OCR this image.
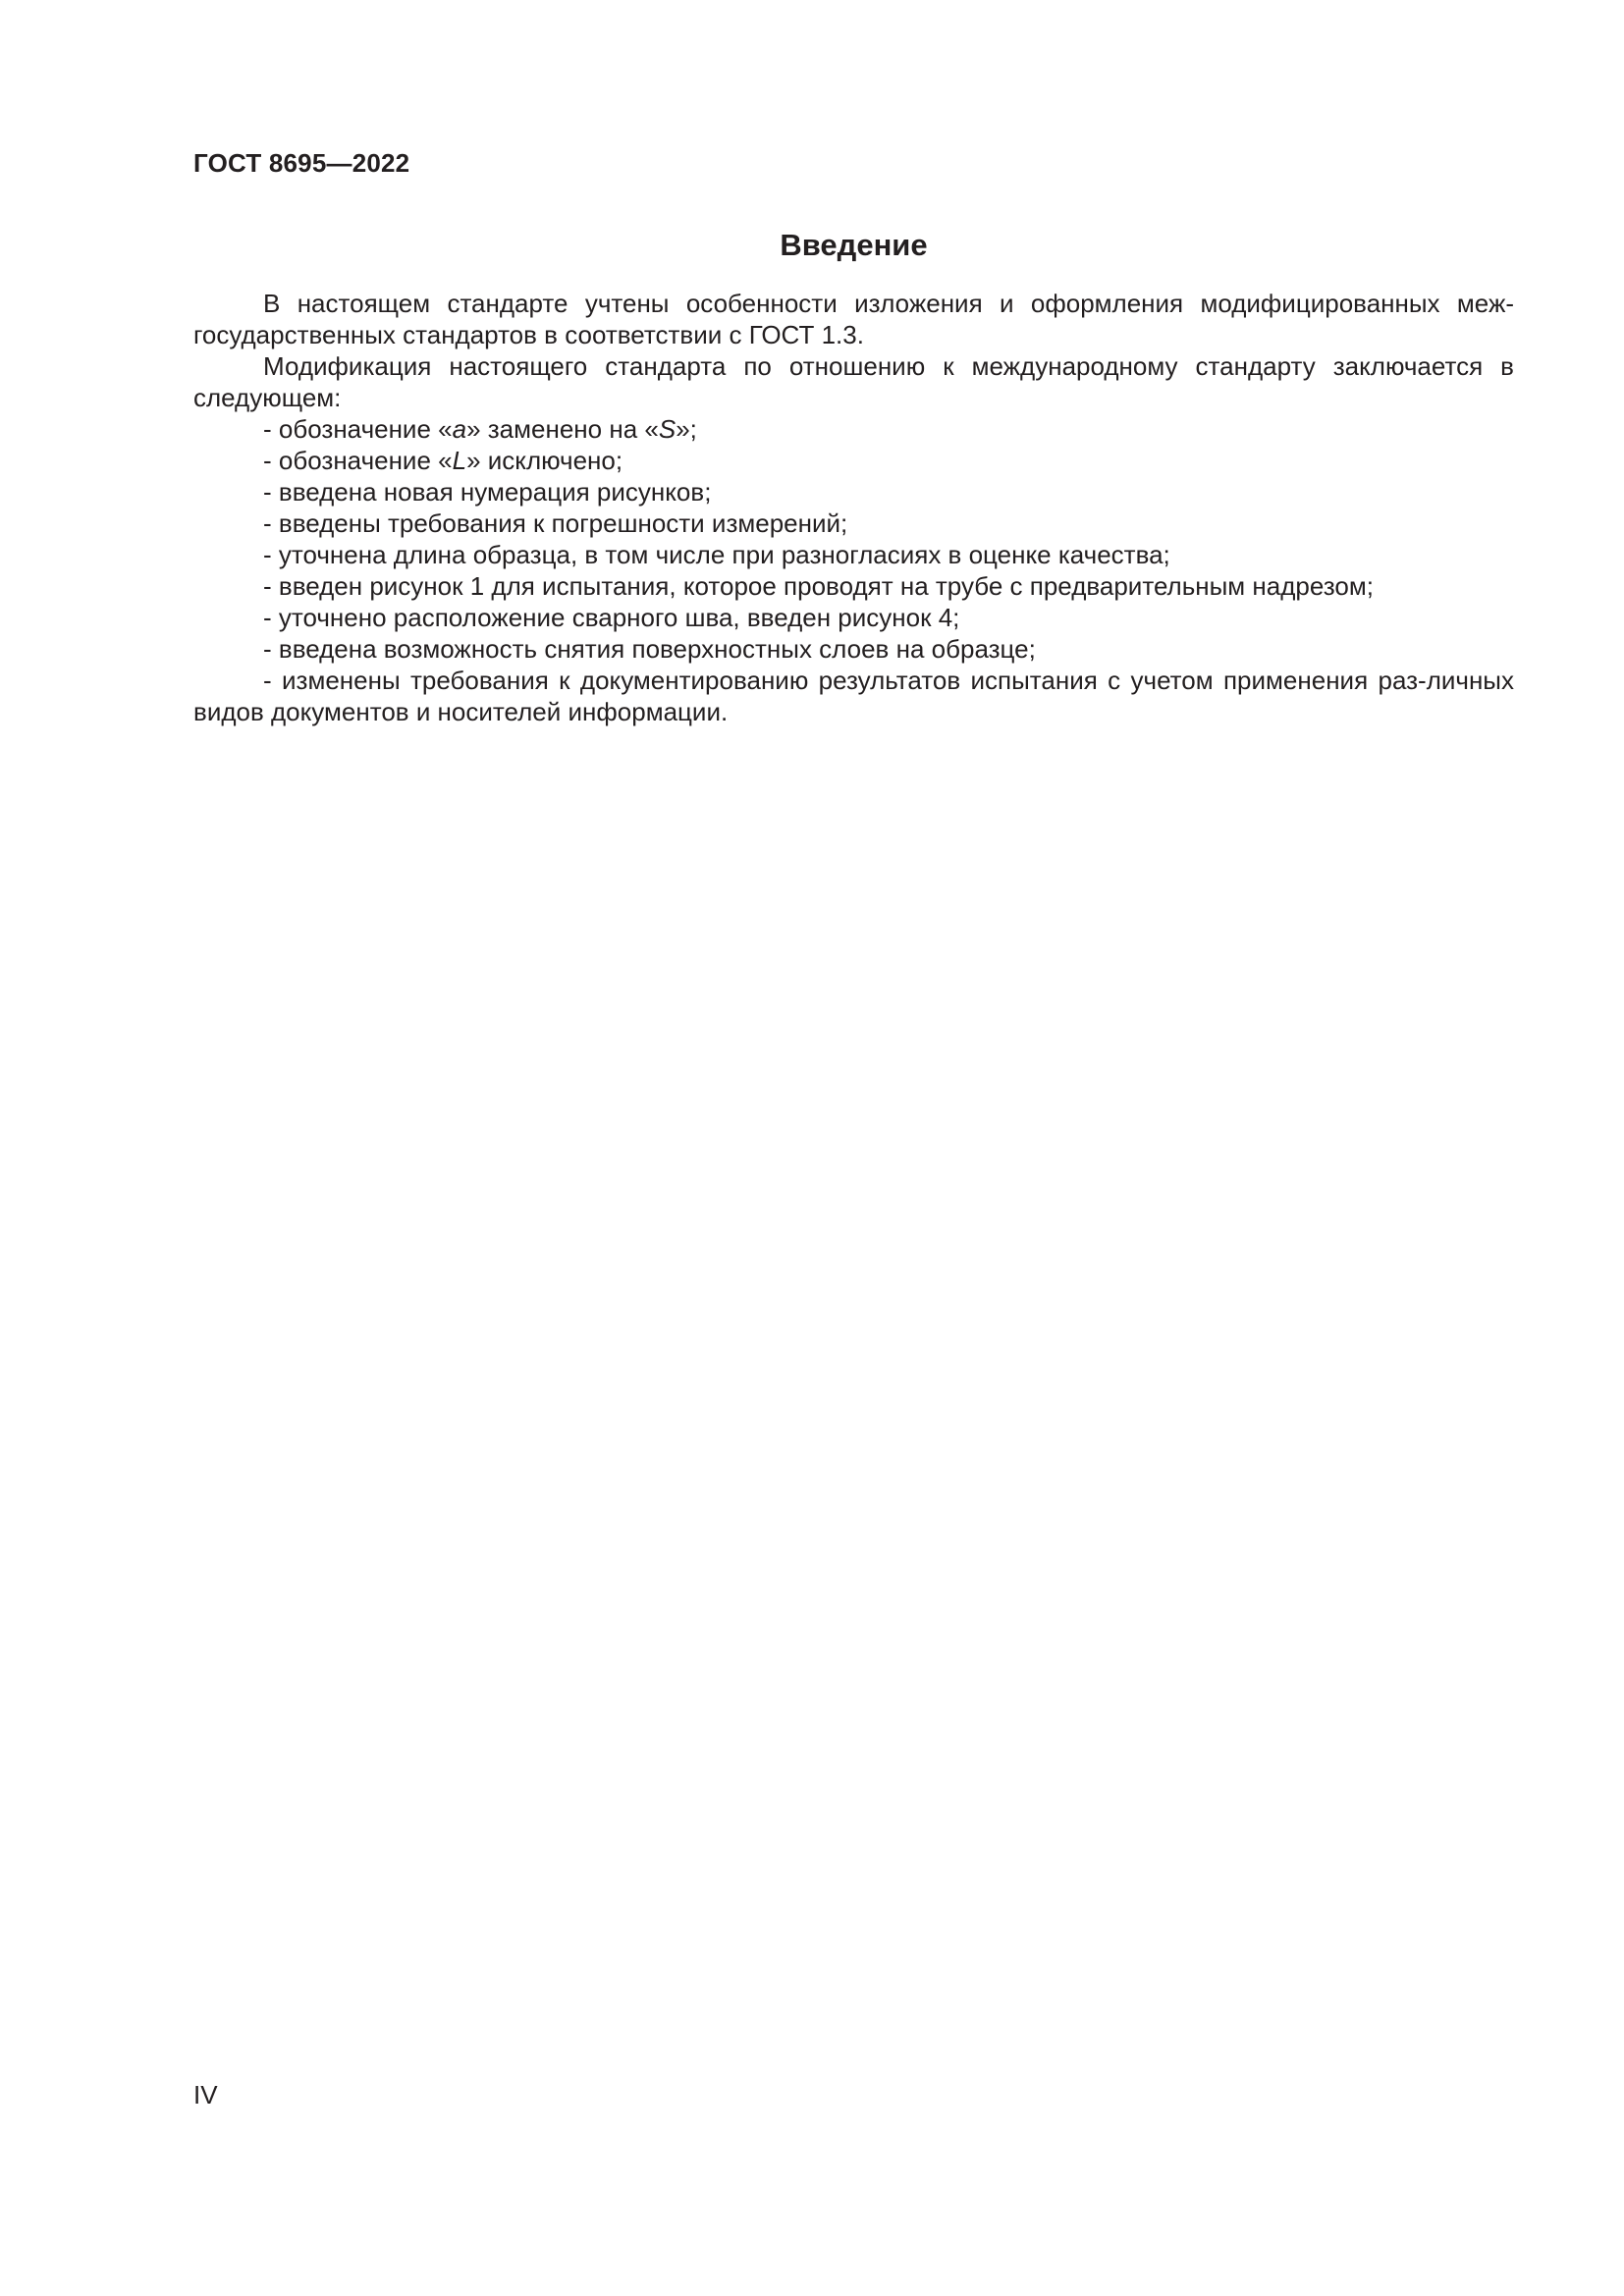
ГОСТ 8695—2022
Введение

В настоящем стандарте учтены особенности изложения и оформления модифицированных меж-государственных стандартов в соответствии с ГОСТ 1.3.

Модификация настоящего стандарта по отношению к международному стандарту заключается в следующем:

- обозначение «a» заменено на «S»;
- обозначение «L» исключено;
- введена новая нумерация рисунков;
- введены требования к погрешности измерений;
- уточнена длина образца, в том числе при разногласиях в оценке качества;
- введен рисунок 1 для испытания, которое проводят на трубе с предварительным надрезом;
- уточнено расположение сварного шва, введен рисунок 4;
- введена возможность снятия поверхностных слоев на образце;
- изменены требования к документированию результатов испытания с учетом применения раз-личных видов документов и носителей информации.
IV
